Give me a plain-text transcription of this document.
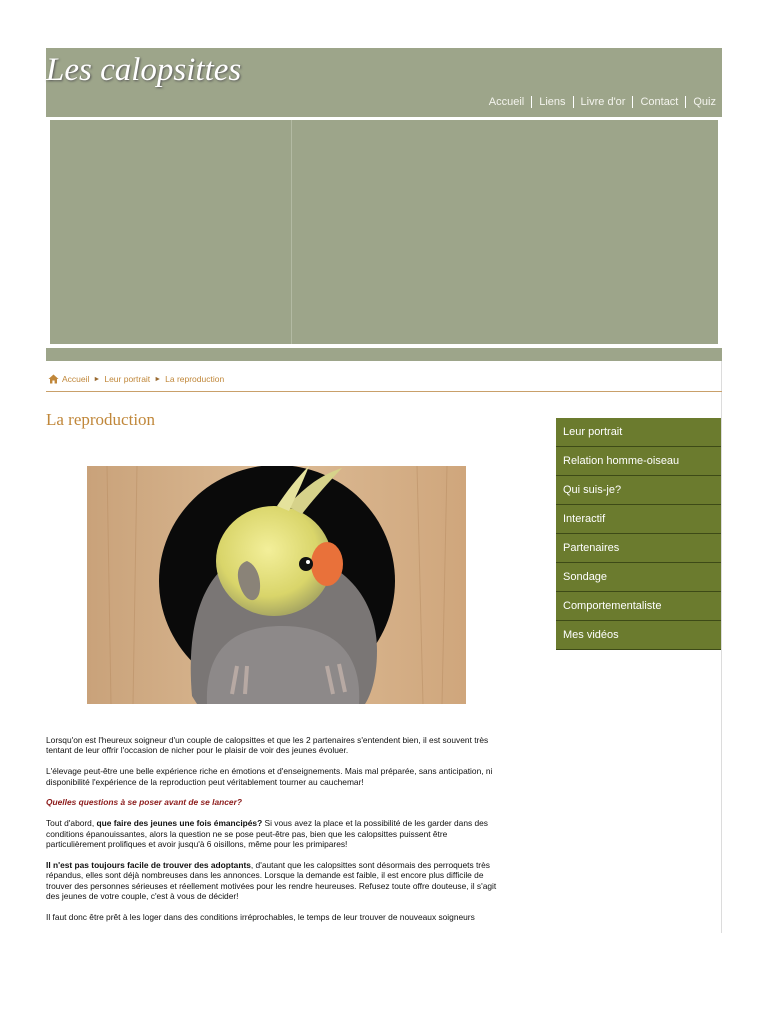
Les calopsittes
Accueil Liens Livre d'or Contact Quiz
Accueil ► Leur portrait ► La reproduction
La reproduction
Leur portrait
Relation homme-oiseau
Qui suis-je?
Interactif
Partenaires
Sondage
Comportementaliste
Mes vidéos

Lorsqu'on est l'heureux soigneur d'un couple de calopsittes et que les 2 partenaires s'entendent bien, il est souvent très tentant de leur offrir l'occasion de nicher pour le plaisir de voir des jeunes évoluer.

L'élevage peut-être une belle expérience riche en émotions et d'enseignements. Mais mal préparée, sans anticipation, ni disponibilité l'expérience de la reproduction peut véritablement tourner au cauchemar!

Quelles questions à se poser avant de se lancer?

Tout d'abord, que faire des jeunes une fois émancipés? Si vous avez la place et la possibilité de les garder dans des conditions épanouissantes, alors la question ne se pose peut-être pas, bien que les calopsittes puissent être particulièrement prolifiques et avoir jusqu'à 6 oisillons, même pour les primipares!

Il n'est pas toujours facile de trouver des adoptants, d'autant que les calopsittes sont désormais des perroquets très répandus, elles sont déjà nombreuses dans les annonces. Lorsque la demande est faible, il est encore plus difficile de trouver des personnes sérieuses et réellement motivées pour les rendre heureuses. Refusez toute offre douteuse, il s'agit des jeunes de votre couple, c'est à vous de décider!

Il faut donc être prêt à les loger dans des conditions irréprochables, le temps de leur trouver de nouveaux soigneurs
